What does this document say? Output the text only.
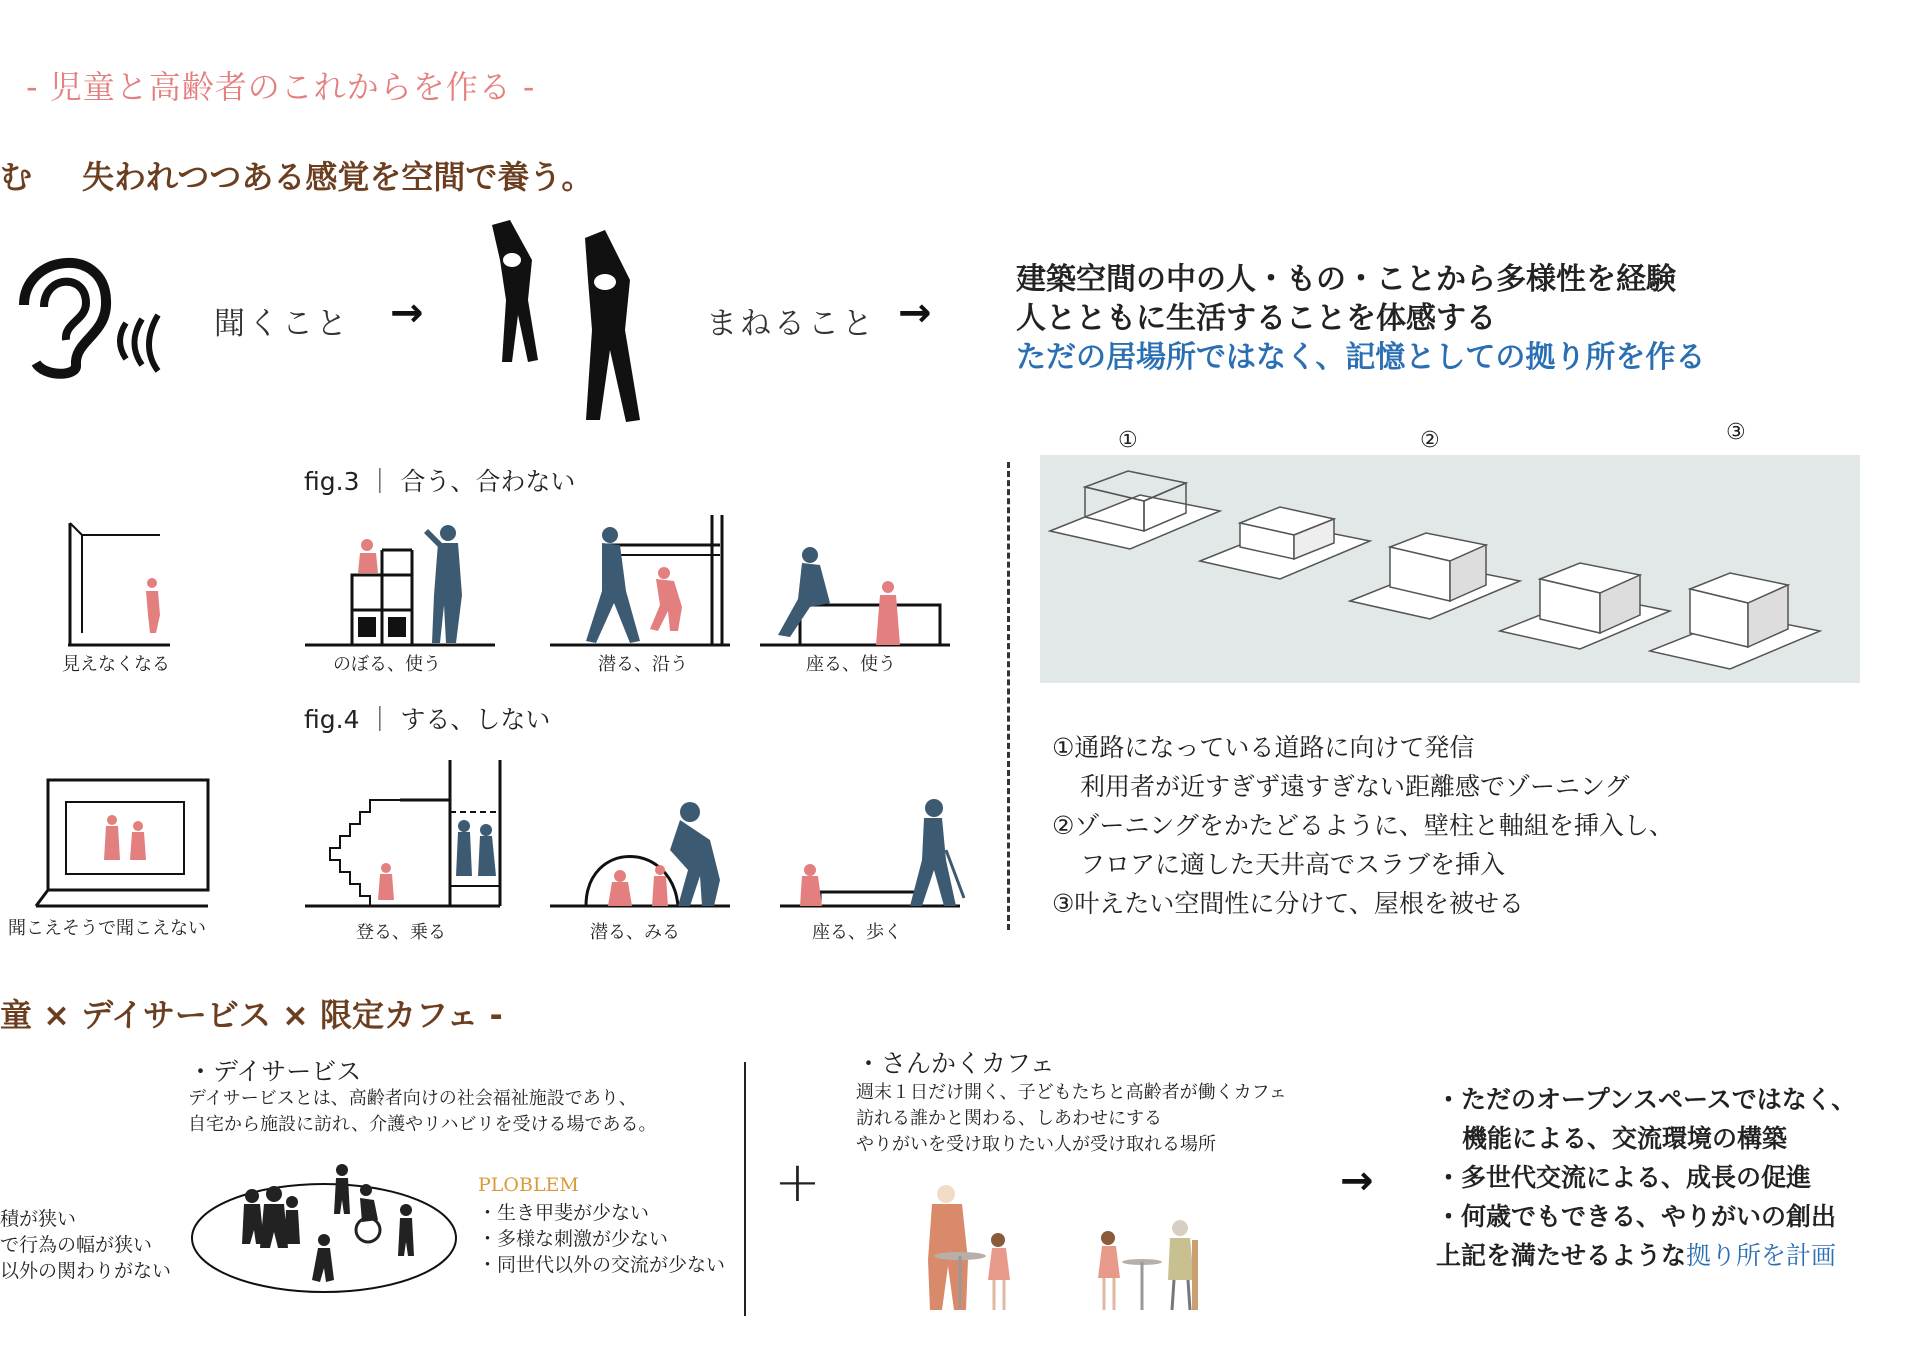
- 児童と高齢者のこれからを作る -
む 失われつつある感覚を空間で養う。
聞くこと →	まねること →
建築空間の中の人・もの・ことから多様性を経験
人とともに生活することを体感する
ただの居場所ではなく、記憶としての拠り所を作る
fig.3 ｜ 合う、合わない
見えなくなる	のぼる、使う	潜る、沿う	座る、使う
fig.4 ｜ する、しない
聞こえそうで聞こえない	登る、乗る	潜る、みる	座る、歩く
①	②	③
①通路になっている道路に向けて発信
利用者が近すぎず遠すぎない距離感でゾーニング
②ゾーニングをかたどるように、壁柱と軸組を挿入し、
フロアに適した天井高でスラブを挿入
③叶えたい空間性に分けて、屋根を被せる
童 × デイサービス × 限定カフェ -
積が狭い
で行為の幅が狭い
以外の関わりがない
・デイサービス
デイサービスとは、高齢者向けの社会福祉施設であり、
自宅から施設に訪れ、介護やリハビリを受ける場である。
PLOBLEM
・生き甲斐が少ない
・多様な刺激が少ない
・同世代以外の交流が少ない
+
・さんかくカフェ
週末１日だけ開く、子どもたちと高齢者が働くカフェ
訪れる誰かと関わる、しあわせにする
やりがいを受け取りたい人が受け取れる場所
→
・ただのオープンスペースではなく、
機能による、交流環境の構築
・多世代交流による、成長の促進
・何歳でもできる、やりがいの創出
上記を満たせるような拠り所を計画
